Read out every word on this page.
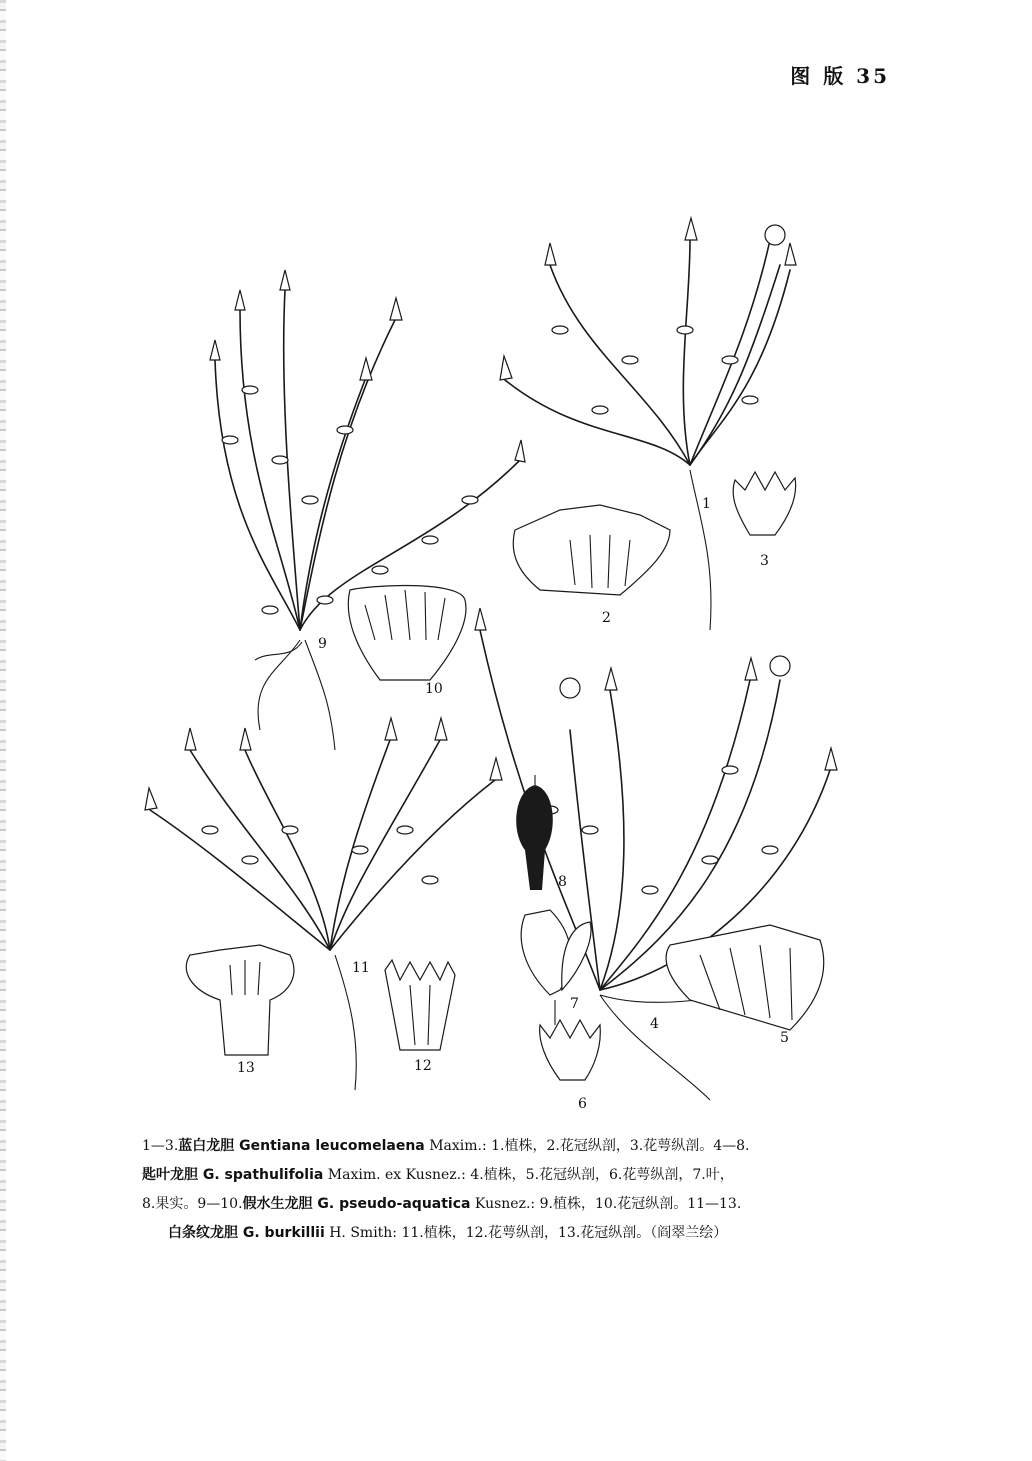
图 版 35
9
10
1
2
3
11
12
13
4
5
6
7
8
1—3.蓝白龙胆 Gentiana leucomelaena Maxim.: 1.植株，2.花冠纵剖，3.花萼纵剖。4—8.
匙叶龙胆 G. spathulifolia Maxim. ex Kusnez.: 4.植株，5.花冠纵剖，6.花萼纵剖，7.叶，
8.果实。9—10.假水生龙胆 G. pseudo-aquatica Kusnez.: 9.植株，10.花冠纵剖。11—13.
白条纹龙胆 G. burkillii H. Smith: 11.植株，12.花萼纵剖，13.花冠纵剖。（阎翠兰绘）
